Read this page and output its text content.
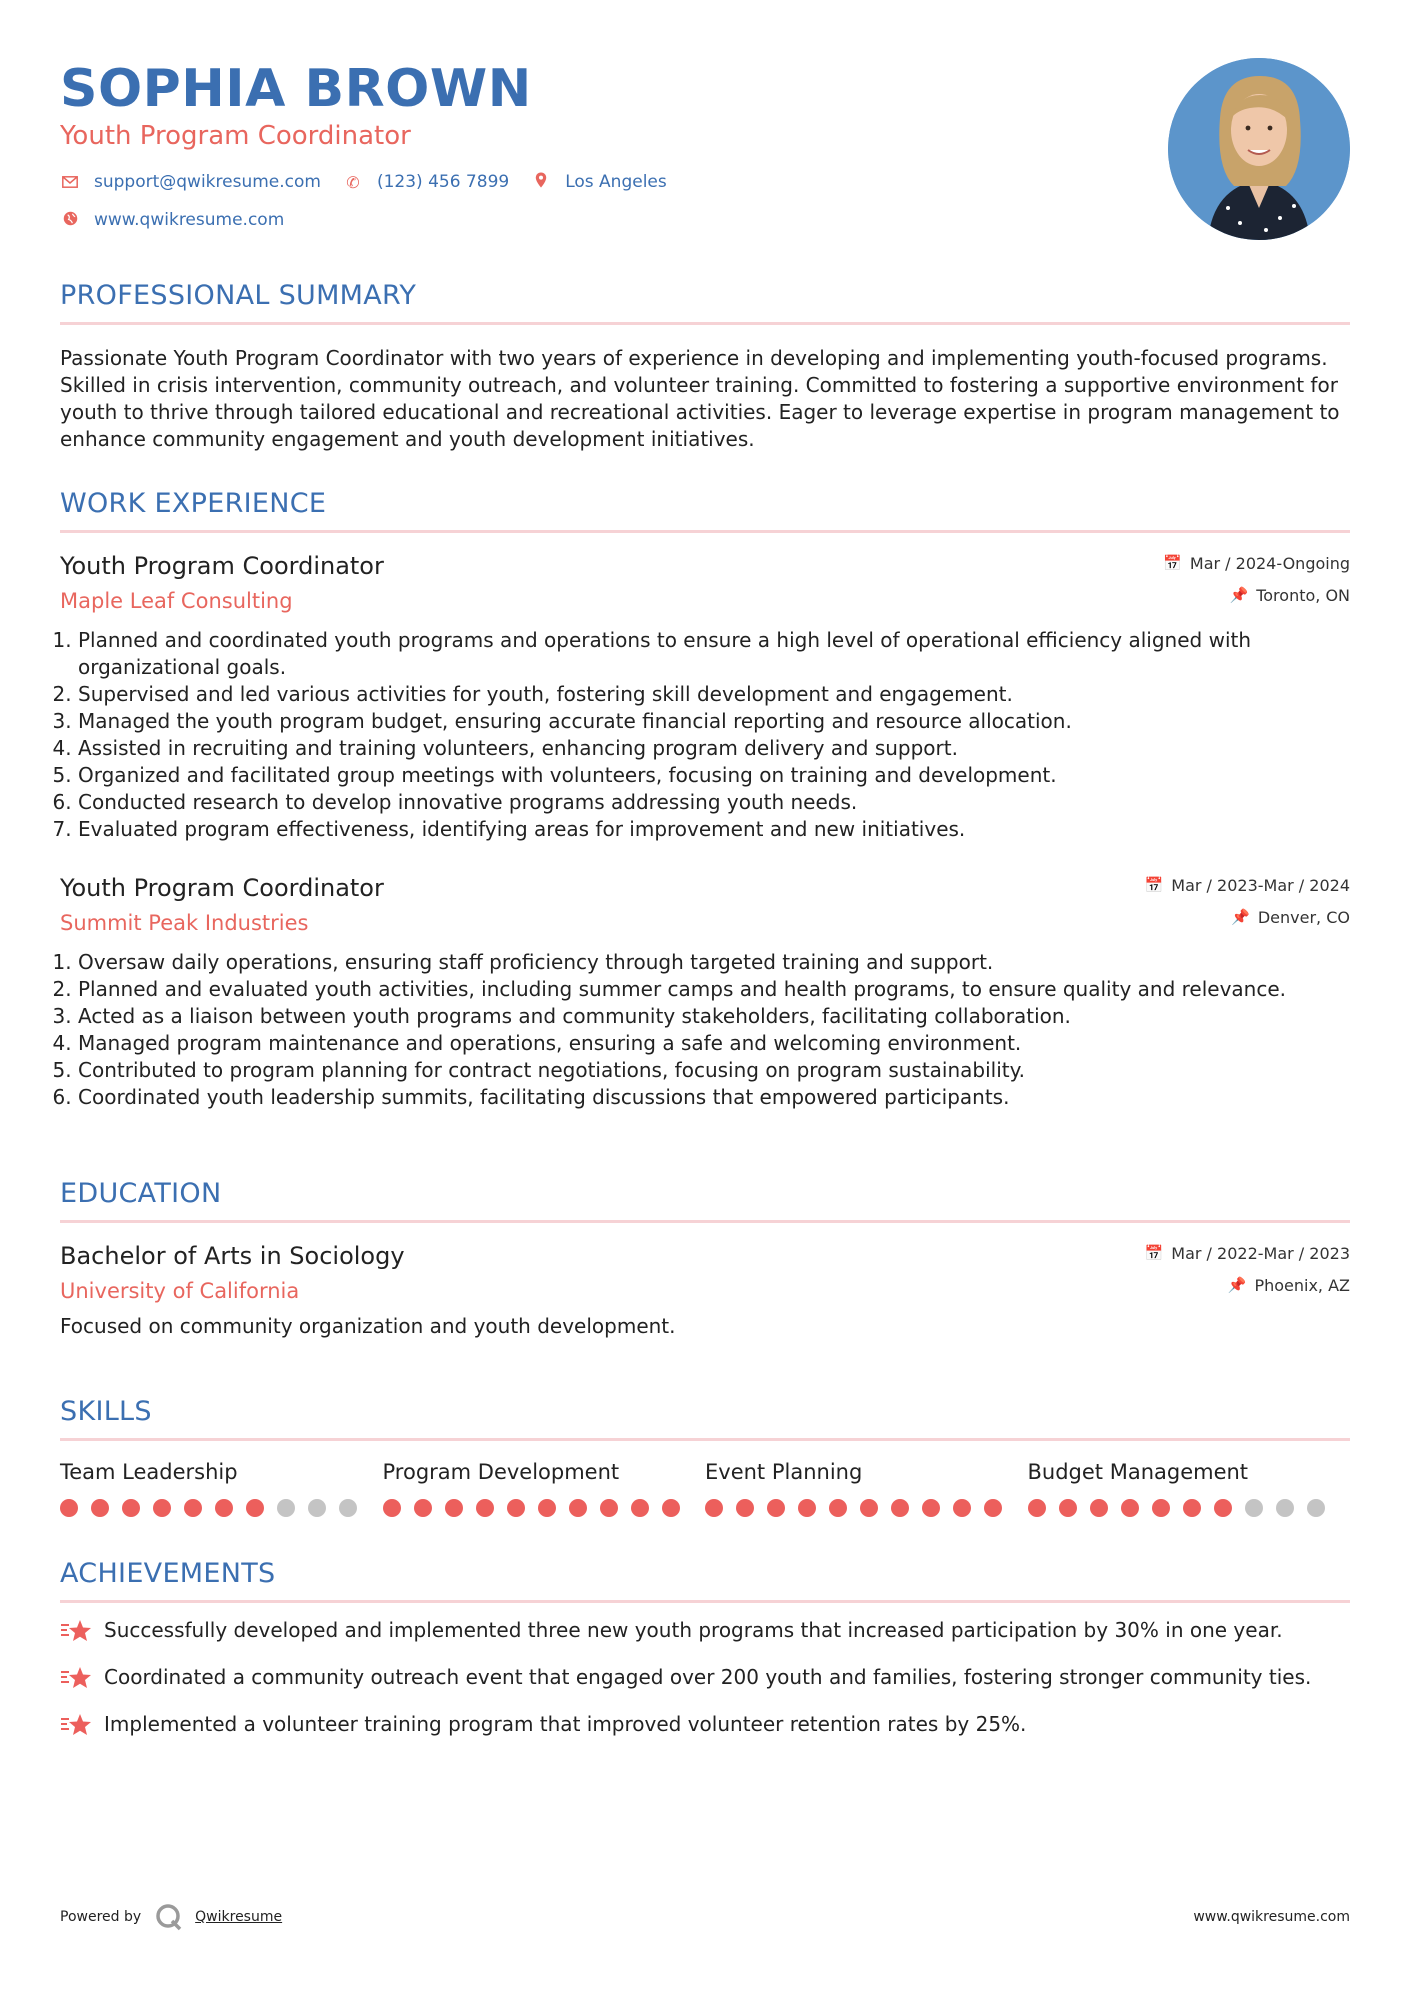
SOPHIA BROWN
Youth Program Coordinator
support@qwikresume.com ✆ (123) 456 7899	Los Angeles
www.qwikresume.com
PROFESSIONAL SUMMARY
Passionate Youth Program Coordinator with two years of experience in developing and implementing youth-focused programs. Skilled in crisis intervention, community outreach, and volunteer training. Committed to fostering a supportive environment for youth to thrive through tailored educational and recreational activities. Eager to leverage expertise in program management to enhance community engagement and youth development initiatives.
WORK EXPERIENCE
Youth Program Coordinator
Maple Leaf Consulting
📅 Mar / 2024-Ongoing
📌 Toronto, ON
1. Planned and coordinated youth programs and operations to ensure a high level of operational efficiency aligned with organizational goals.
2. Supervised and led various activities for youth, fostering skill development and engagement.
3. Managed the youth program budget, ensuring accurate financial reporting and resource allocation.
4. Assisted in recruiting and training volunteers, enhancing program delivery and support.
5. Organized and facilitated group meetings with volunteers, focusing on training and development.
6. Conducted research to develop innovative programs addressing youth needs.
7. Evaluated program effectiveness, identifying areas for improvement and new initiatives.
Youth Program Coordinator
Summit Peak Industries
📅 Mar / 2023-Mar / 2024
📌 Denver, CO
1. Oversaw daily operations, ensuring staff proficiency through targeted training and support.
2. Planned and evaluated youth activities, including summer camps and health programs, to ensure quality and relevance.
3. Acted as a liaison between youth programs and community stakeholders, facilitating collaboration.
4. Managed program maintenance and operations, ensuring a safe and welcoming environment.
5. Contributed to program planning for contract negotiations, focusing on program sustainability.
6. Coordinated youth leadership summits, facilitating discussions that empowered participants.
EDUCATION
Bachelor of Arts in Sociology
University of California
📅 Mar / 2022-Mar / 2023
📌 Phoenix, AZ
Focused on community organization and youth development.
SKILLS
Team Leadership	Program Development	Event Planning	Budget Management
ACHIEVEMENTS
Successfully developed and implemented three new youth programs that increased participation by 30% in one year.
Coordinated a community outreach event that engaged over 200 youth and families, fostering stronger community ties.
Implemented a volunteer training program that improved volunteer retention rates by 25%.
Powered by	Qwikresume	www.qwikresume.com
